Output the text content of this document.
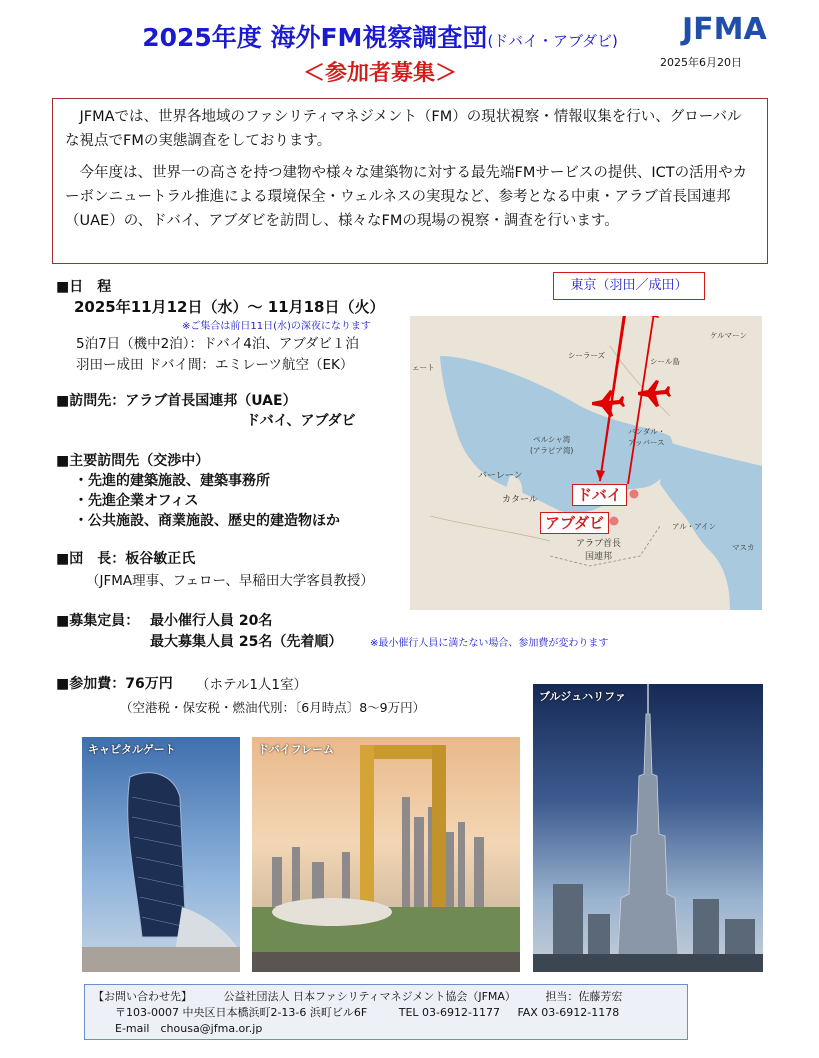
2025年度 海外FM視察調査団(ドバイ・アブダビ)
＜参加者募集＞
JFMA
2025年6月20日

JFMAでは、世界各地域のファシリティマネジメント（FM）の現状視察・情報収集を行い、グローバルな視点でFMの実態調査をしております。

今年度は、世界一の高さを持つ建物や様々な建築物に対する最先端FMサービスの提供、ICTの活用やカーボンニュートラル推進による環境保全・ウェルネスの実現など、参考となる中東・アラブ首長国連邦（UAE）の、ドバイ、アブダビを訪問し、様々なFMの現場の視察・調査を行います。

■日　程
2025年11月12日（水）～ 11月18日（火）
※ご集合は前日11日(水)の深夜になります
5泊7日（機中2泊）：ドバイ4泊、アブダビ１泊
羽田ー成田 ドバイ間：エミレーツ航空（EK）
■訪問先：アラブ首長国連邦（UAE）
ドバイ、アブダビ
■主要訪問先（交渉中）
・先進的建築施設、建築事務所
・先進企業オフィス
・公共施設、商業施設、歴史的建造物ほか
■団　長：板谷敏正氏
（JFMA理事、フェロー、早稲田大学客員教授）
■募集定員： 最小催行人員 20名
最大募集人員 25名（先着順）	※最小催行人員に満たない場合、参加費が変わります
■参加費：76万円 （ホテル1人1室）
（空港税・保安税・燃油代別：〔6月時点〕8～9万円）
シーラーズ
シール島
ケルマーン
ペルシャ湾
(アラビア湾)
バンダル・
アッバース
バーレーン
カタール
アル・アイン
アラブ首長
国連邦
マスカ
ェート
東京（羽田／成田）
ドバイ
アブダビ
キャピタルゲート	ドバイフレーム
ブルジュハリファ
【お問い合わせ先】	公益社団法人 日本ファシリティマネジメント協会（JFMA）	担当：佐藤芳宏
〒103-0007 中央区日本橋浜町2-13-6 浜町ビル6F	TEL 03-6912-1177 FAX 03-6912-1178
E-mail　chousa@jfma.or.jp
